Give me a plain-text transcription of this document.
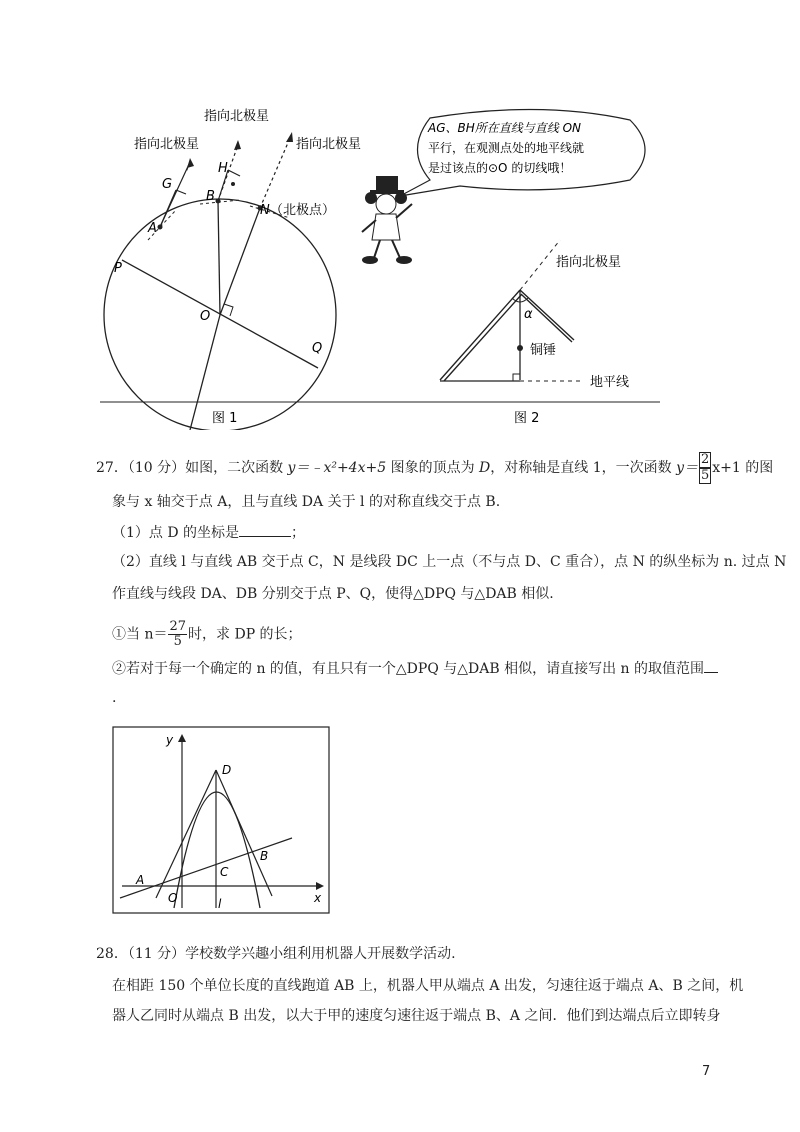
G
H
A
B
N （北极点）
P
Q
O
指向北极星
指向北极星
指向北极星
AG、BH所在直线与直线 ON
平行，在观测点处的地平线就
是过该点的⊙O 的切线哦！
指向北极星
α
铜锤
地平线
图 1	图 2
27．（10 分）如图，二次函数 y＝﹣x²+4x+5 图象的顶点为 D，对称轴是直线 1，一次函数 $y= \frac{2}{5} x+1$ 的图
象与 x 轴交于点 A，且与直线 DA 关于 l 的对称直线交于点 B.
（1）点 D 的坐标是	；
（2）直线 l 与直线 AB 交于点 C，N 是线段 DC 上一点（不与点 D、C 重合），点 N 的纵坐标为 n. 过点 N
作直线与线段 DA、DB 分别交于点 P、Q，使得△DPQ 与△DAB 相似.
①当 $n= \frac{27}{5}$ 时，求 DP 的长；
②若对于每一个确定的 n 的值，有且只有一个△DPQ 与△DAB 相似，请直接写出 n 的取值范围
.
y
x
D
A
B
C
O	l
28．（11 分）学校数学兴趣小组利用机器人开展数学活动.
在相距 150 个单位长度的直线跑道 AB 上，机器人甲从端点 A 出发，匀速往返于端点 A、B 之间，机
器人乙同时从端点 B 出发，以大于甲的速度匀速往返于端点 B、A 之间．他们到达端点后立即转身
7
